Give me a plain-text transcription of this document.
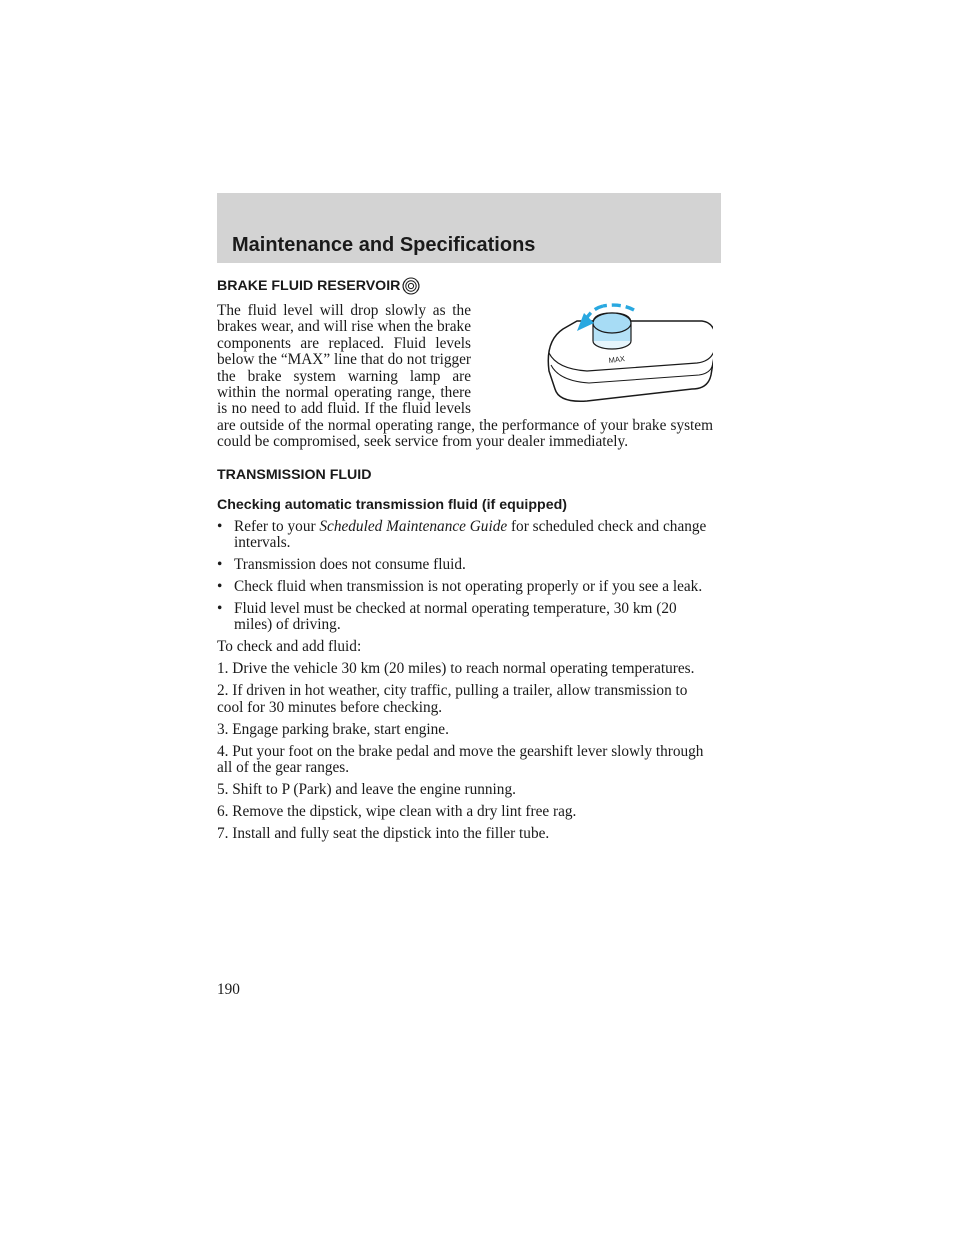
Maintenance and Specifications
BRAKE FLUID RESERVOIR
MAX

The fluid level will drop slowly as the brakes wear, and will rise when the brake components are replaced. Fluid levels below the “MAX” line that do not trigger the brake system warning lamp are within the normal operating range, there is no need to add fluid. If the fluid levels are outside of the normal operating range, the performance of your brake system could be compromised, seek service from your dealer immediately.

TRANSMISSION FLUID
Checking automatic transmission fluid (if equipped)
• Refer to your Scheduled Maintenance Guide for scheduled check and change intervals.
• Transmission does not consume fluid.
• Check fluid when transmission is not operating properly or if you see a leak.
• Fluid level must be checked at normal operating temperature, 30 km (20 miles) of driving.

To check and add fluid:

1. Drive the vehicle 30 km (20 miles) to reach normal operating temperatures.

2. If driven in hot weather, city traffic, pulling a trailer, allow transmission to cool for 30 minutes before checking.

3. Engage parking brake, start engine.

4. Put your foot on the brake pedal and move the gearshift lever slowly through all of the gear ranges.

5. Shift to P (Park) and leave the engine running.

6. Remove the dipstick, wipe clean with a dry lint free rag.

7. Install and fully seat the dipstick into the filler tube.

190
